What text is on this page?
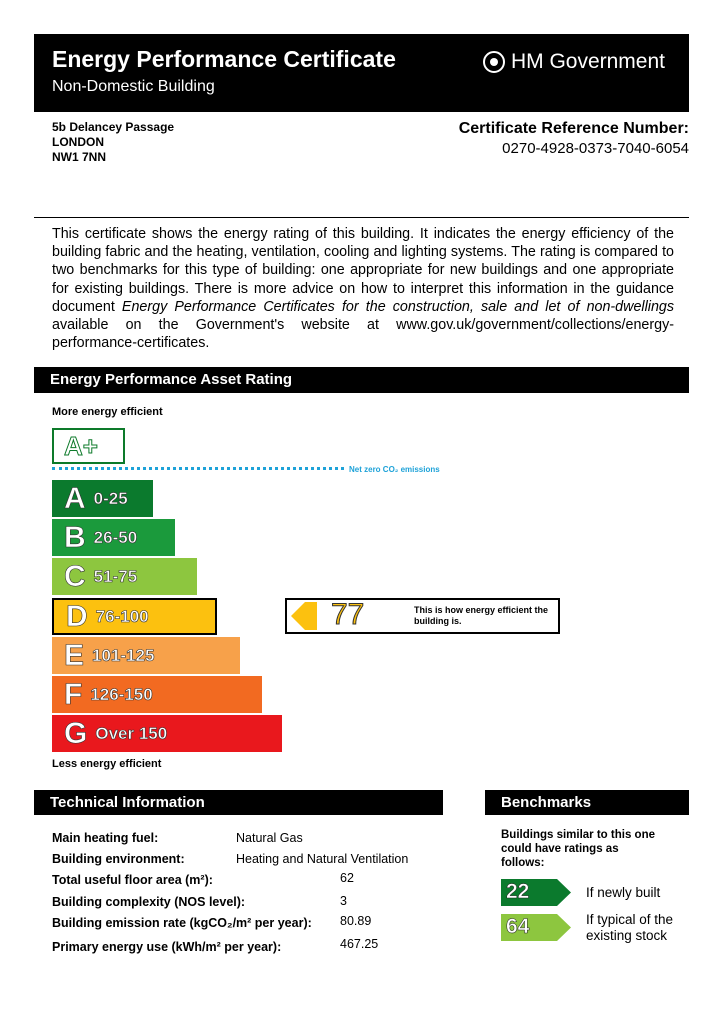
Energy Performance Certificate
Non-Domestic Building
HM Government
5b Delancey Passage
LONDON
NW1 7NN
Certificate Reference Number:
0270-4928-0373-7040-6054
This certificate shows the energy rating of this building. It indicates the energy efficiency of the building fabric and the heating, ventilation, cooling and lighting systems. The rating is compared to two benchmarks for this type of building: one appropriate for new buildings and one appropriate for existing buildings. There is more advice on how to interpret this information in the guidance document Energy Performance Certificates for the construction, sale and let of non-dwellings available on the Government's website at www.gov.uk/government/collections/energy-performance-certificates.
Energy Performance Asset Rating
More energy efficient
A+
Net zero CO₂ emissions
A 0-25
B 26-50
C 51-75
D 76-100
E 101-125
F 126-150
G Over 150
77	This is how energy efficient the building is.
Less energy efficient
Technical Information
Main heating fuel:	Natural Gas
Building environment:	Heating and Natural Ventilation
Total useful floor area (m²):	62
Building complexity (NOS level):	3
Building emission rate (kgCO₂/m² per year): 80.89
Primary energy use (kWh/m² per year):	467.25
Benchmarks
Buildings similar to this one could have ratings as follows:
22	If newly built
64	If typical of the existing stock
